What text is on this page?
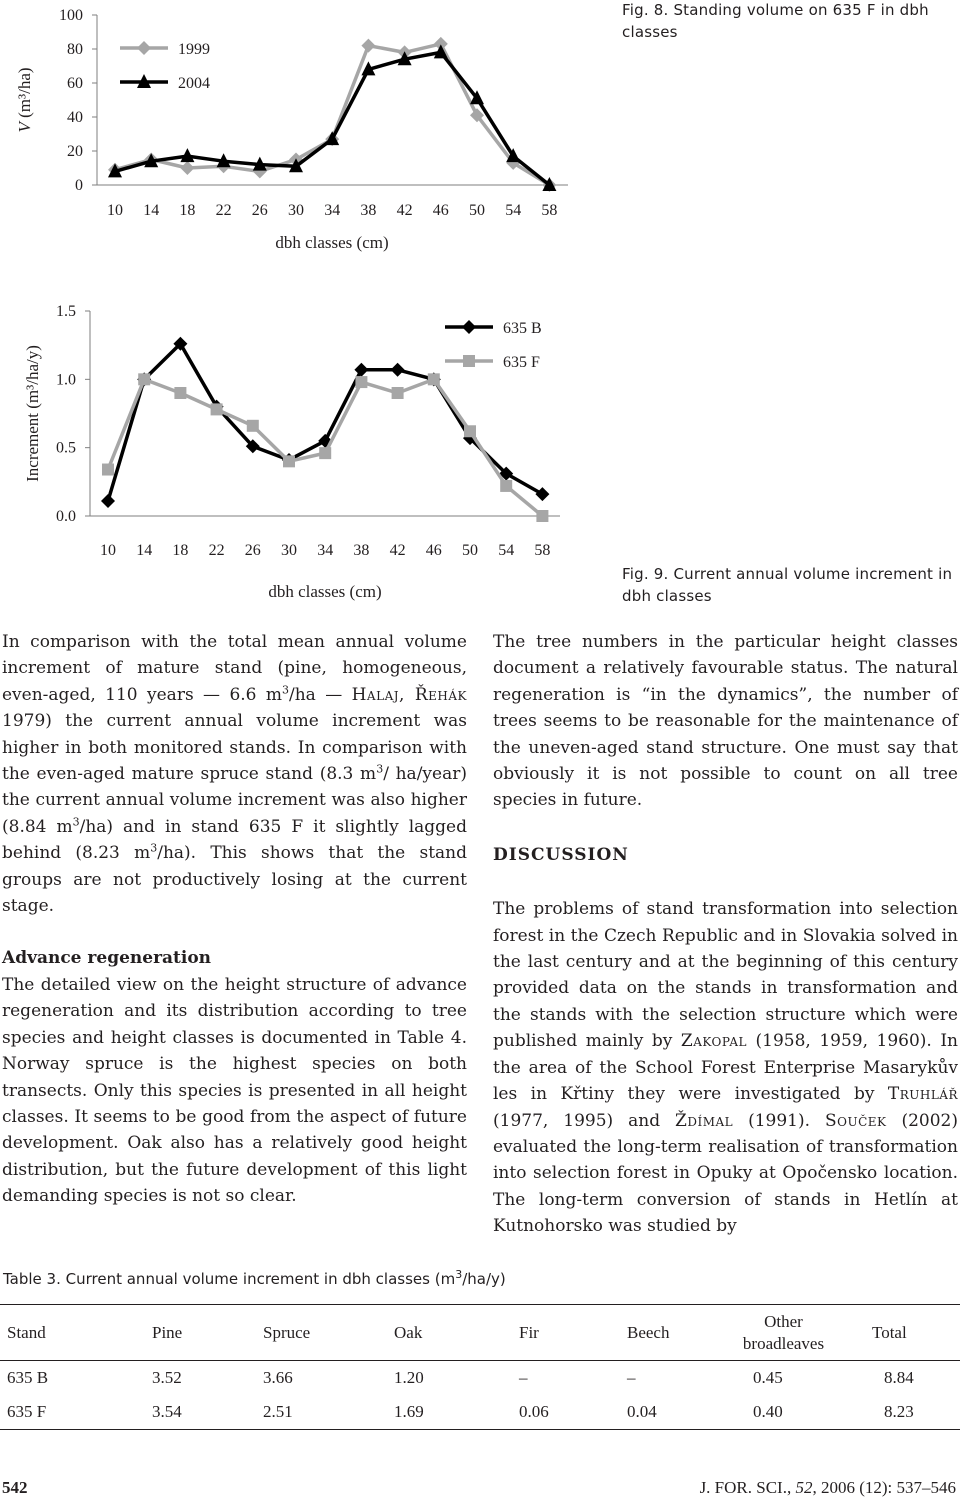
0
20
40
60
80
100
10 14 18 22 26 30 34 38 42 46 50 54 58
dbh classes (cm)
V (m³/ha)
1999
2004
0.0
0.5
1.0
1.5
10 14 18 22 26 30 34 38 42 46 50 54 58
dbh classes (cm)
Increment (m³/ha/y)
635 B
635 F
Fig. 8. Standing volume on 635 F in dbh classes
Fig. 9. Current annual volume increment in dbh classes

In comparison with the total mean annual volume increment of mature stand (pine, homogeneous, even-aged, 110 years — 6.6 $m^3/ha$ — Halaj, Řehák 1979) the current annual volume increment was higher in both monitored stands. In comparison with the even-aged mature spruce stand (8.3 $m^3/$ ha/year) the current annual volume increment was also higher (8.84 $m^3/ha$) and in stand 635 F it slightly lagged behind (8.23 $m^3/ha$). This shows that the stand groups are not productively losing at the current stage.

Advance regeneration

The detailed view on the height structure of advance regeneration and its distribution according to tree species and height classes is documented in Table 4. Norway spruce is the highest species on both transects. Only this species is presented in all height classes. It seems to be good from the aspect of future development. Oak also has a relatively good height distribution, but the future development of this light demanding species is not so clear.

The tree numbers in the particular height classes document a relatively favourable status. The natural regeneration is “in the dynamics”, the number of trees seems to be reasonable for the maintenance of the uneven-aged stand structure. One must say that obviously it is not possible to count on all tree species in future.

DISCUSSION

The problems of stand transformation into selection forest in the Czech Republic and in Slovakia solved in the last century and at the beginning of this century provided data on the stands in transformation and the stands with the selection structure which were published mainly by Zakopal (1958, 1959, 1960). In the area of the School Forest Enterprise Masarykův les in Křtiny they were investigated by Truhlář (1977, 1995) and Ždímal (1991). Souček (2002) evaluated the long-term realisation of transformation into selection forest in Opuky at Opočensko location. The long-term conversion of stands in Hetlín at Kutnohorsko was studied by

Table 3. Current annual volume increment in dbh classes $(m^3/ha/y)$
Stand	Pine	Spruce	Oak	Fir	Beech	Other broadleaves	Total
635 B	3.52	3.66	1.20	–	–	0.45	8.84
635 F	3.54	2.51	1.69	0.06	0.04	0.40	8.23
542	J. FOR. SCI., 52, 2006 (12): 537–546
